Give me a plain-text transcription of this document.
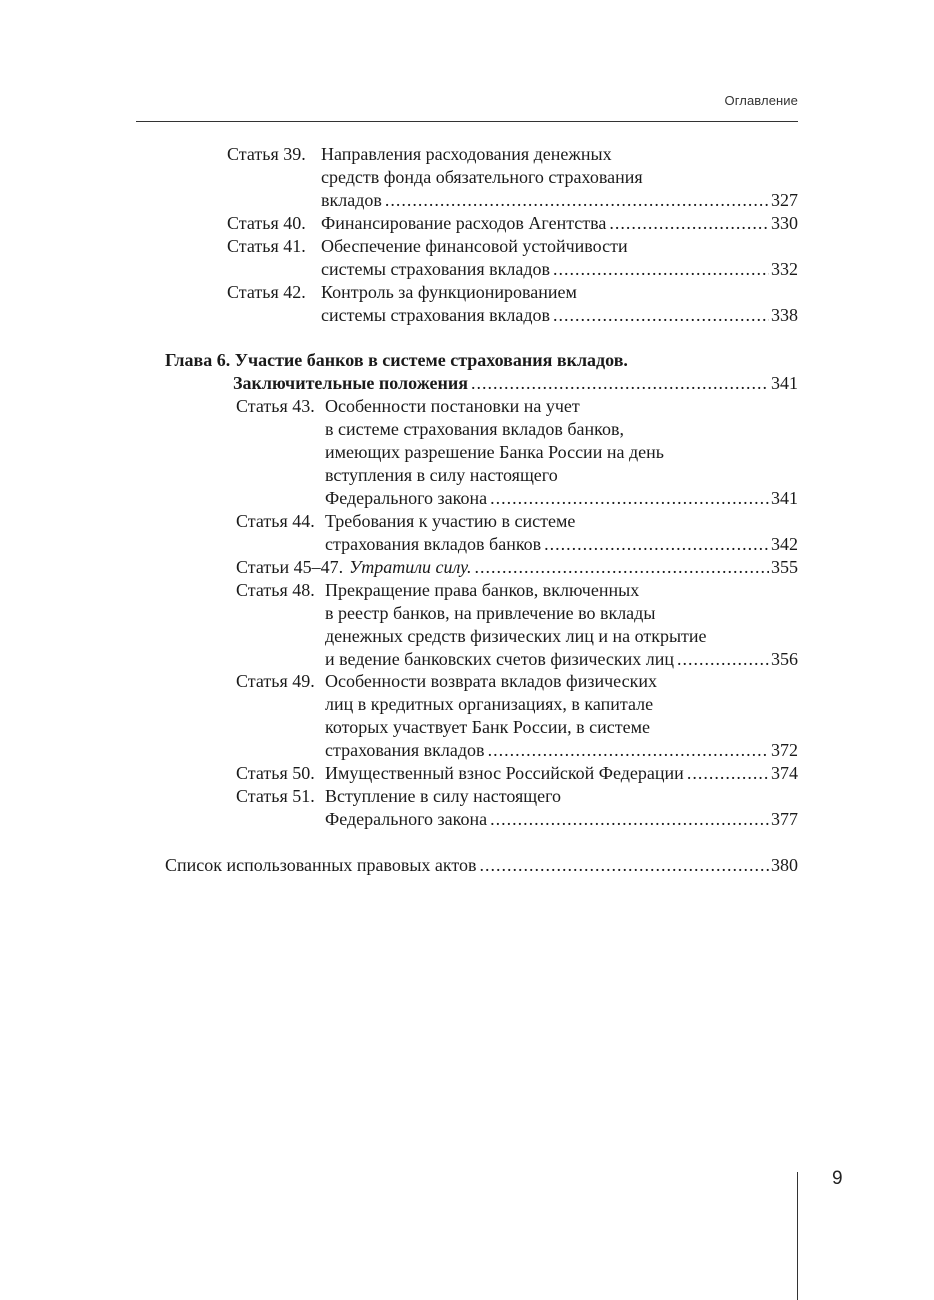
Оглавление
Статья 39. Направления расходования денежных
средств фонда обязательного страхования
вкладов .....	327
Статья 40. Финансирование расходов Агентства .....	330
Статья 41. Обеспечение финансовой устойчивости
системы страхования вкладов .....	332
Статья 42. Контроль за функционированием
системы страхования вкладов .....	338
Глава 6. Участие банков в системе страхования вкладов.
Заключительные положения .....	341
Статья 43. Особенности постановки на учет
в системе страхования вкладов банков,
имеющих разрешение Банка России на день
вступления в силу настоящего
Федерального закона .....	341
Статья 44. Требования к участию в системе
страхования вкладов банков .....	342
Статьи 45–47. Утратили силу. .....	355
Статья 48. Прекращение права банков, включенных
в реестр банков, на привлечение во вклады
денежных средств физических лиц и на открытие
и ведение банковских счетов физических лиц .....	356
Статья 49. Особенности возврата вкладов физических
лиц в кредитных организациях, в капитале
которых участвует Банк России, в системе
страхования вкладов .....	372
Статья 50. Имущественный взнос Российской Федерации .....	374
Статья 51. Вступление в силу настоящего
Федерального закона .....	377
Список использованных правовых актов .....	380
9
